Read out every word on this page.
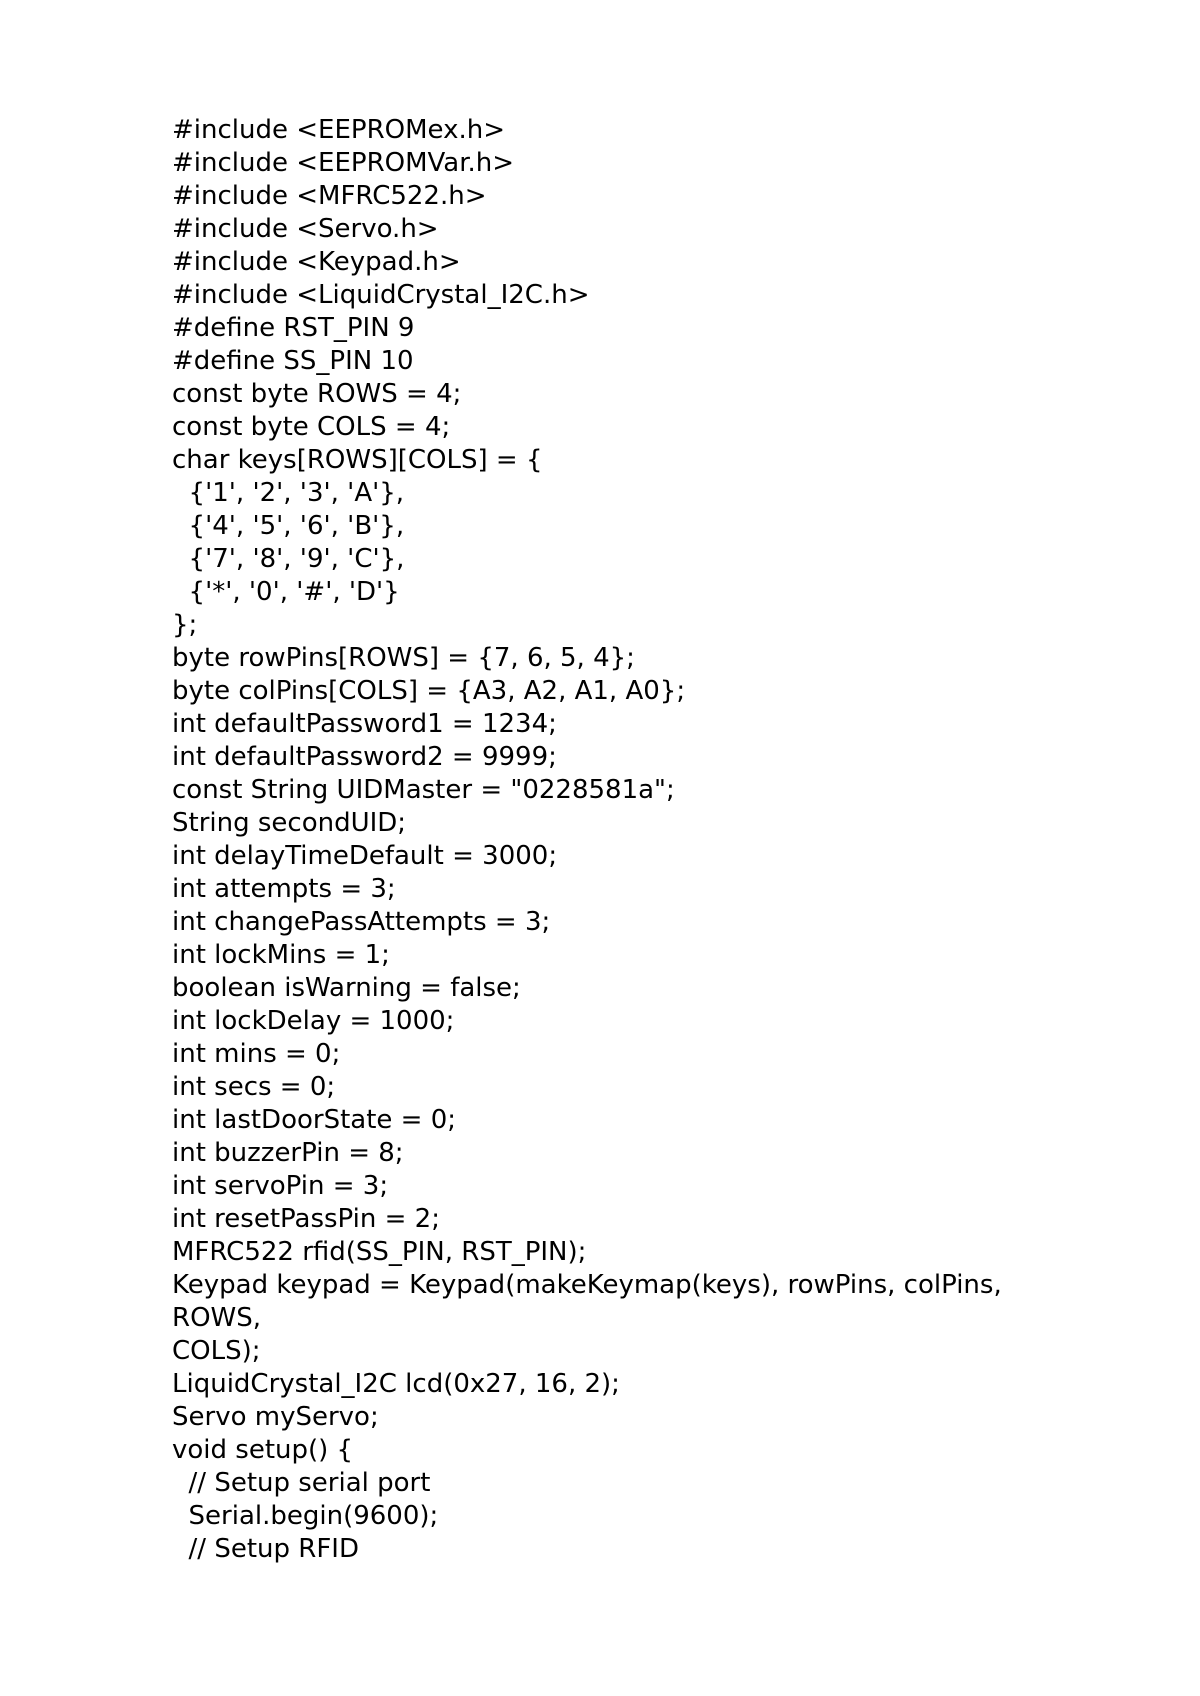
#include <EEPROMex.h>
#include <EEPROMVar.h>
#include <MFRC522.h>
#include <Servo.h>
#include <Keypad.h>
#include <LiquidCrystal_I2C.h>
#define RST_PIN 9
#define SS_PIN 10
const byte ROWS = 4;
const byte COLS = 4;
char keys[ROWS][COLS] = {
{'1', '2', '3', 'A'},
{'4', '5', '6', 'B'},
{'7', '8', '9', 'C'},
{'*', '0', '#', 'D'}
};
byte rowPins[ROWS] = {7, 6, 5, 4};
byte colPins[COLS] = {A3, A2, A1, A0};
int defaultPassword1 = 1234;
int defaultPassword2 = 9999;
const String UIDMaster = "0228581a";
String secondUID;
int delayTimeDefault = 3000;
int attempts = 3;
int changePassAttempts = 3;
int lockMins = 1;
boolean isWarning = false;
int lockDelay = 1000;
int mins = 0;
int secs = 0;
int lastDoorState = 0;
int buzzerPin = 8;
int servoPin = 3;
int resetPassPin = 2;
MFRC522 rfid(SS_PIN, RST_PIN);
Keypad keypad = Keypad(makeKeymap(keys), rowPins, colPins,
ROWS,
COLS);
LiquidCrystal_I2C lcd(0x27, 16, 2);
Servo myServo;
void setup() {
// Setup serial port
Serial.begin(9600);
// Setup RFID
